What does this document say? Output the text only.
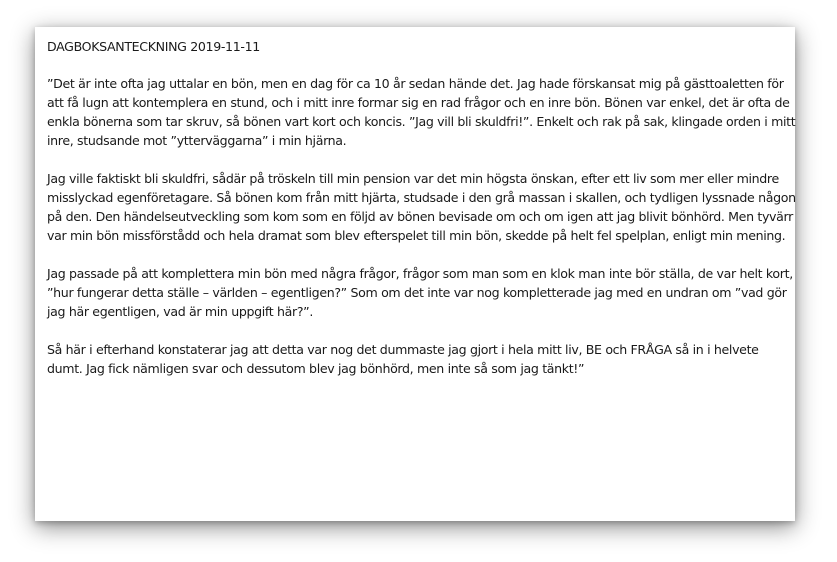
DAGBOKSANTECKNING 2019-11-11

”Det är inte ofta jag uttalar en bön, men en dag för ca 10 år sedan hände det. Jag hade förskansat mig på gästtoaletten för att få lugn att kontemplera en stund, och i mitt inre formar sig en rad frågor och en inre bön. Bönen var enkel, det är ofta de enkla bönerna som tar skruv, så bönen vart kort och koncis. ”Jag vill bli skuldfri!”. Enkelt och rak på sak, klingade orden i mitt inre, studsande mot ”ytterväggarna” i min hjärna.

Jag ville faktiskt bli skuldfri, sådär på tröskeln till min pension var det min högsta önskan, efter ett liv som mer eller mindre misslyckad egenföretagare. Så bönen kom från mitt hjärta, studsade i den grå massan i skallen, och tydligen lyssnade någon på den. Den händelseutveckling som kom som en följd av bönen bevisade om och om igen att jag blivit bönhörd. Men tyvärr var min bön missförstådd och hela dramat som blev efterspelet till min bön, skedde på helt fel spelplan, enligt min mening.

Jag passade på att komplettera min bön med några frågor, frågor som man som en klok man inte bör ställa, de var helt kort, ”hur fungerar detta ställe – världen – egentligen?” Som om det inte var nog kompletterade jag med en undran om ”vad gör jag här egentligen, vad är min uppgift här?”.

Så här i efterhand konstaterar jag att detta var nog det dummaste jag gjort i hela mitt liv, BE och FRÅGA så in i helvete dumt. Jag fick nämligen svar och dessutom blev jag bönhörd, men inte så som jag tänkt!”
